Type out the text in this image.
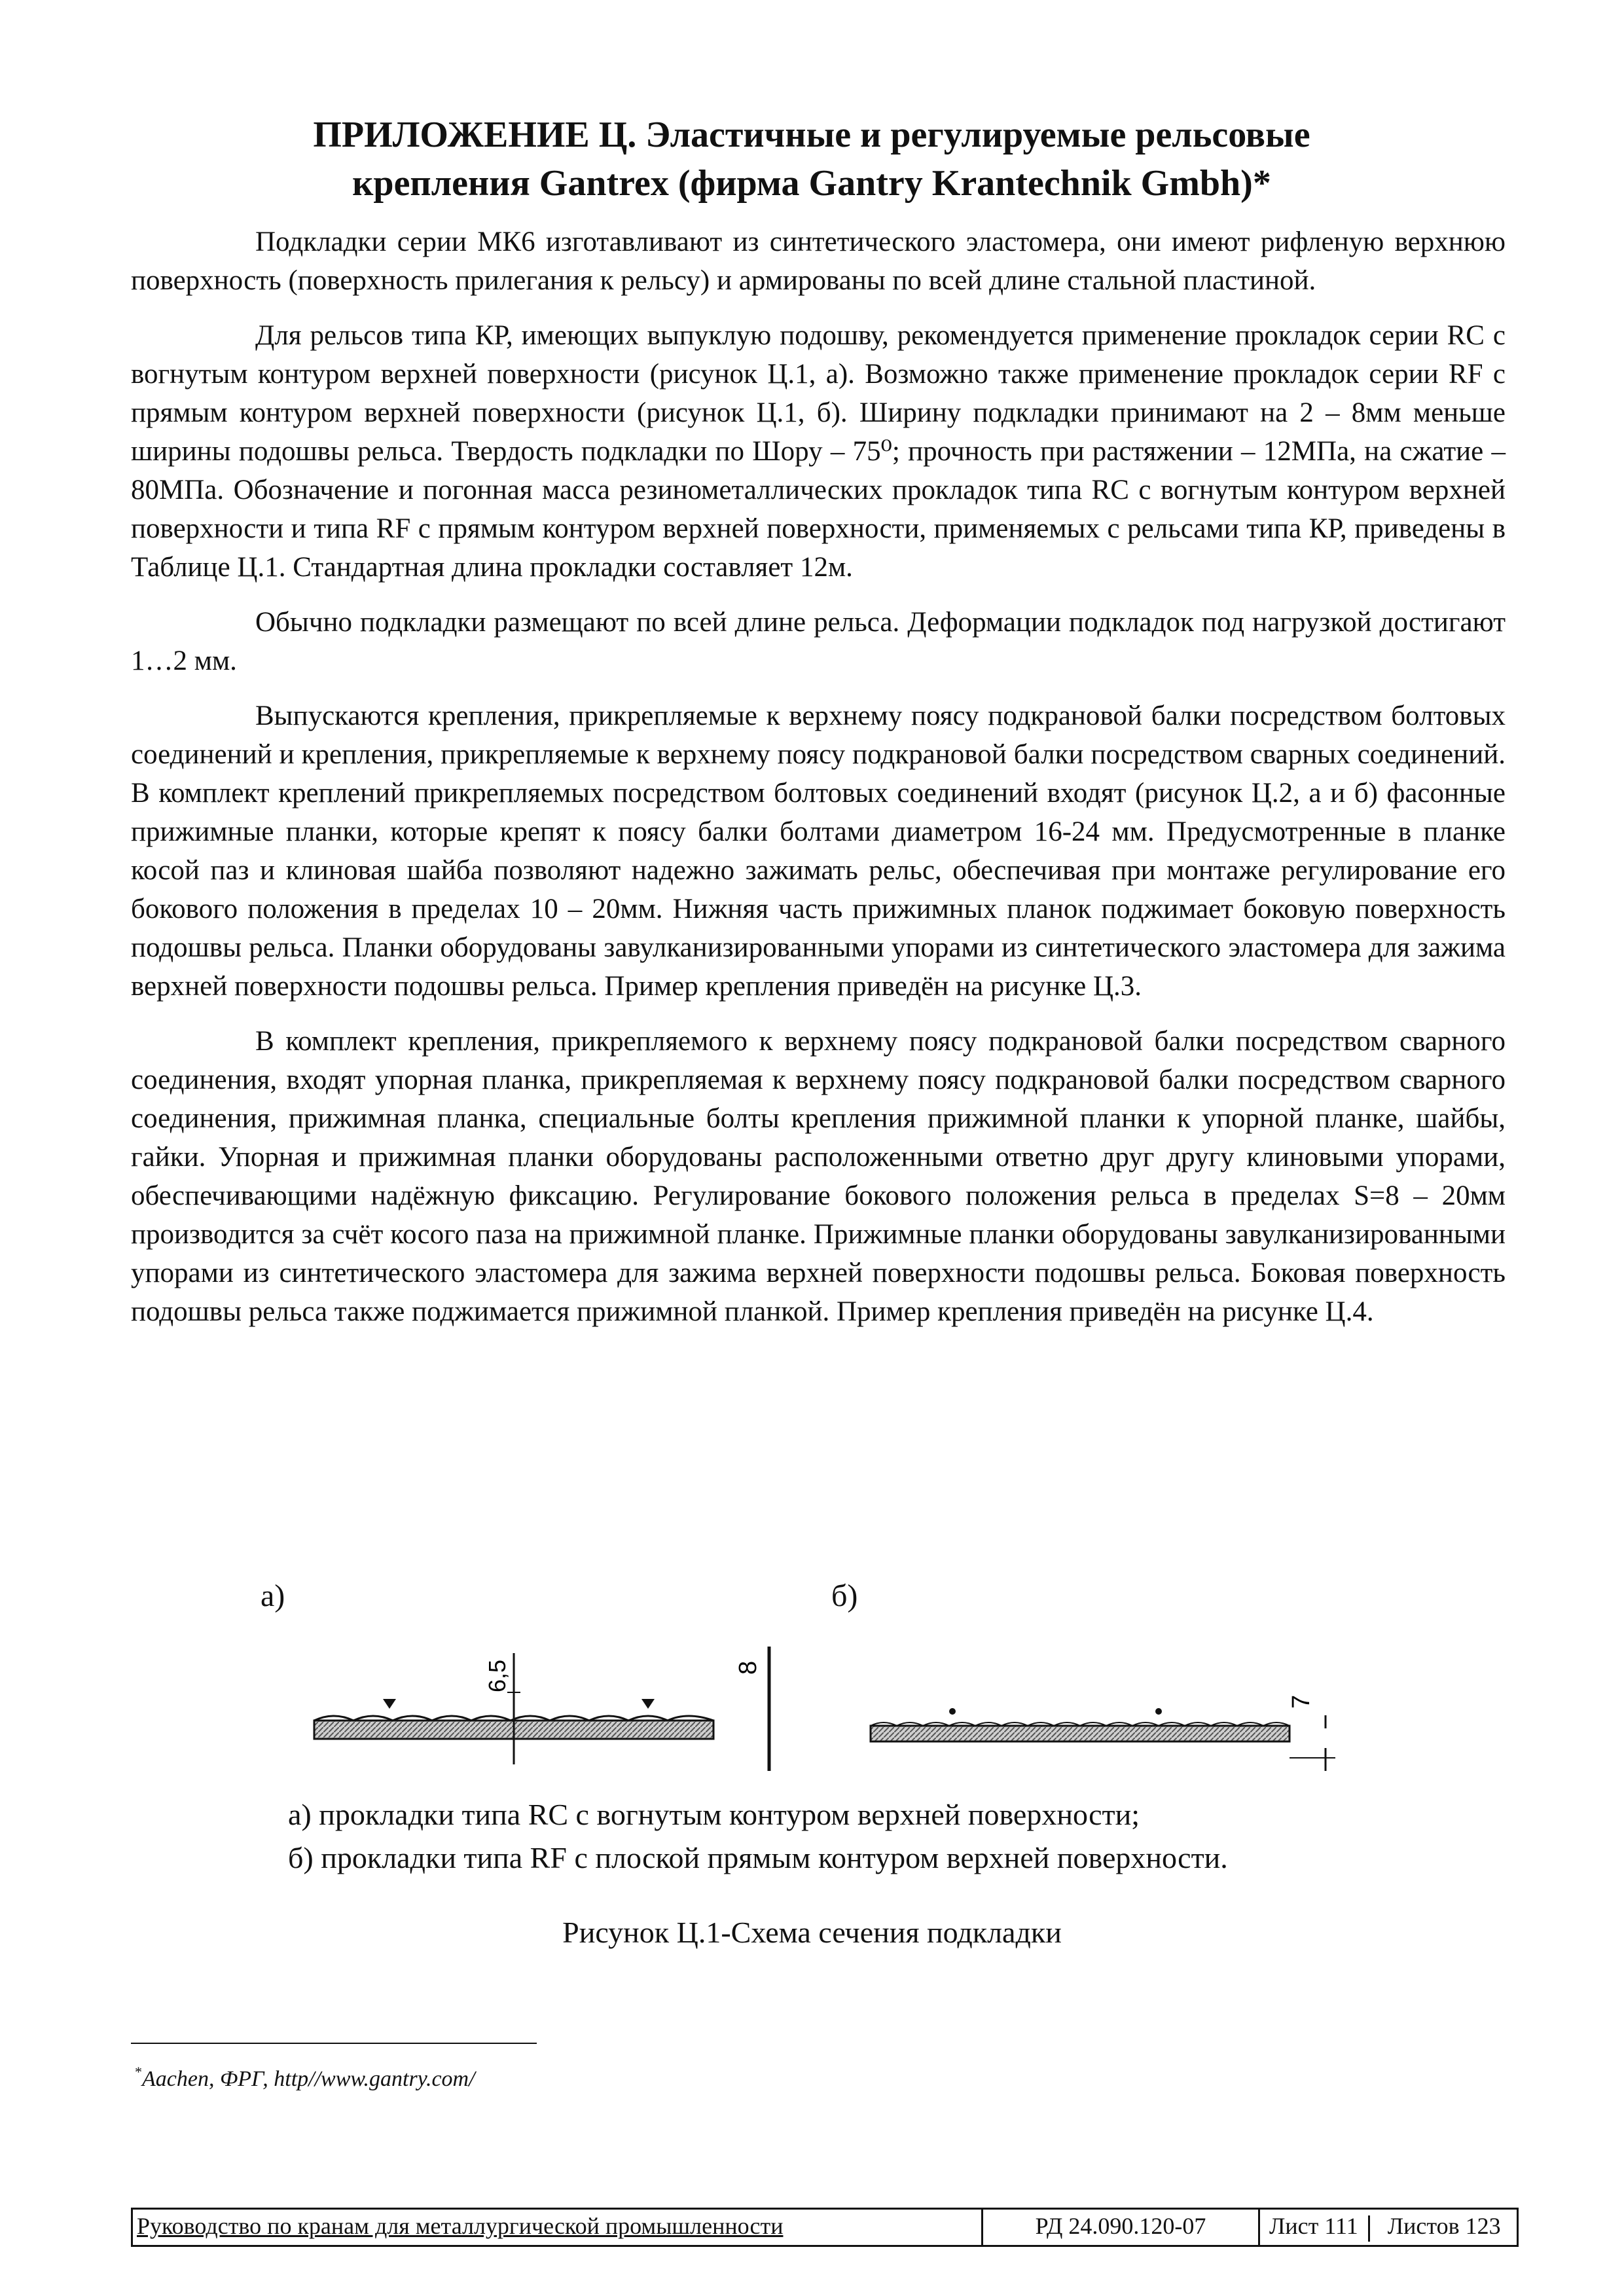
ПРИЛОЖЕНИЕ Ц. Эластичные и регулируемые рельсовые
крепления Gantrex (фирма Gantry Krantechnik Gmbh)*

Подкладки серии МК6 изготавливают из синтетического эластомера, они имеют рифленую верхнюю поверхность (поверхность прилегания к рельсу) и армированы по всей длине стальной пластиной.

Для рельсов типа КР, имеющих выпуклую подошву, рекомендуется применение прокладок серии RC с вогнутым контуром верхней поверхности (рисунок Ц.1, а). Возможно также применение прокладок серии RF с прямым контуром верхней поверхности (рисунок Ц.1, б). Ширину подкладки принимают на 2 – 8мм меньше ширины подошвы рельса. Твердость подкладки по Шору – 75⁰; прочность при растяжении – 12МПа, на сжатие – 80МПа. Обозначение и погонная масса резинометаллических прокладок типа RC с вогнутым контуром верхней поверхности и типа RF с прямым контуром верхней поверхности, применяемых с рельсами типа КР, приведены в Таблице Ц.1. Стандартная длина прокладки составляет 12м.

Обычно подкладки размещают по всей длине рельса. Деформации подкладок под нагрузкой достигают 1…2 мм.

Выпускаются крепления, прикрепляемые к верхнему поясу подкрановой балки посредством болтовых соединений и крепления, прикрепляемые к верхнему поясу подкрановой балки посредством сварных соединений. В комплект креплений прикрепляемых посредством болтовых соединений входят (рисунок Ц.2, а и б) фасонные прижимные планки, которые крепят к поясу балки болтами диаметром 16-24 мм. Предусмотренные в планке косой паз и клиновая шайба позволяют надежно зажимать рельс, обеспечивая при монтаже регулирование его бокового положения в пределах 10 – 20мм. Нижняя часть прижимных планок поджимает боковую поверхность подошвы рельса. Планки оборудованы завулканизированными упорами из синтетического эластомера для зажима верхней поверхности подошвы рельса. Пример крепления приведён на рисунке Ц.3.

В комплект крепления, прикрепляемого к верхнему поясу подкрановой балки посредством сварного соединения, входят упорная планка, прикрепляемая к верхнему поясу подкрановой балки посредством сварного соединения, прижимная планка, специальные болты крепления прижимной планки к упорной планке, шайбы, гайки. Упорная и прижимная планки оборудованы расположенными ответно друг другу клиновыми упорами, обеспечивающими надёжную фиксацию. Регулирование бокового положения рельса в пределах S=8 – 20мм производится за счёт косого паза на прижимной планке. Прижимные планки оборудованы завулканизированными упорами из синтетического эластомера для зажима верхней поверхности подошвы рельса. Боковая поверхность подошвы рельса также поджимается прижимной планкой. Пример крепления приведён на рисунке Ц.4.

а)	б)
6,5	8
7
а) прокладки типа RC с вогнутым контуром верхней поверхности;
б) прокладки типа RF с плоской прямым контуром верхней поверхности.
Рисунок Ц.1-Схема сечения подкладки
*Aachen, ФРГ, http//www.gantry.com/
Руководство по кранам для металлургической промышленности	РД 24.090.120-07	Лист 111 Листов 123
